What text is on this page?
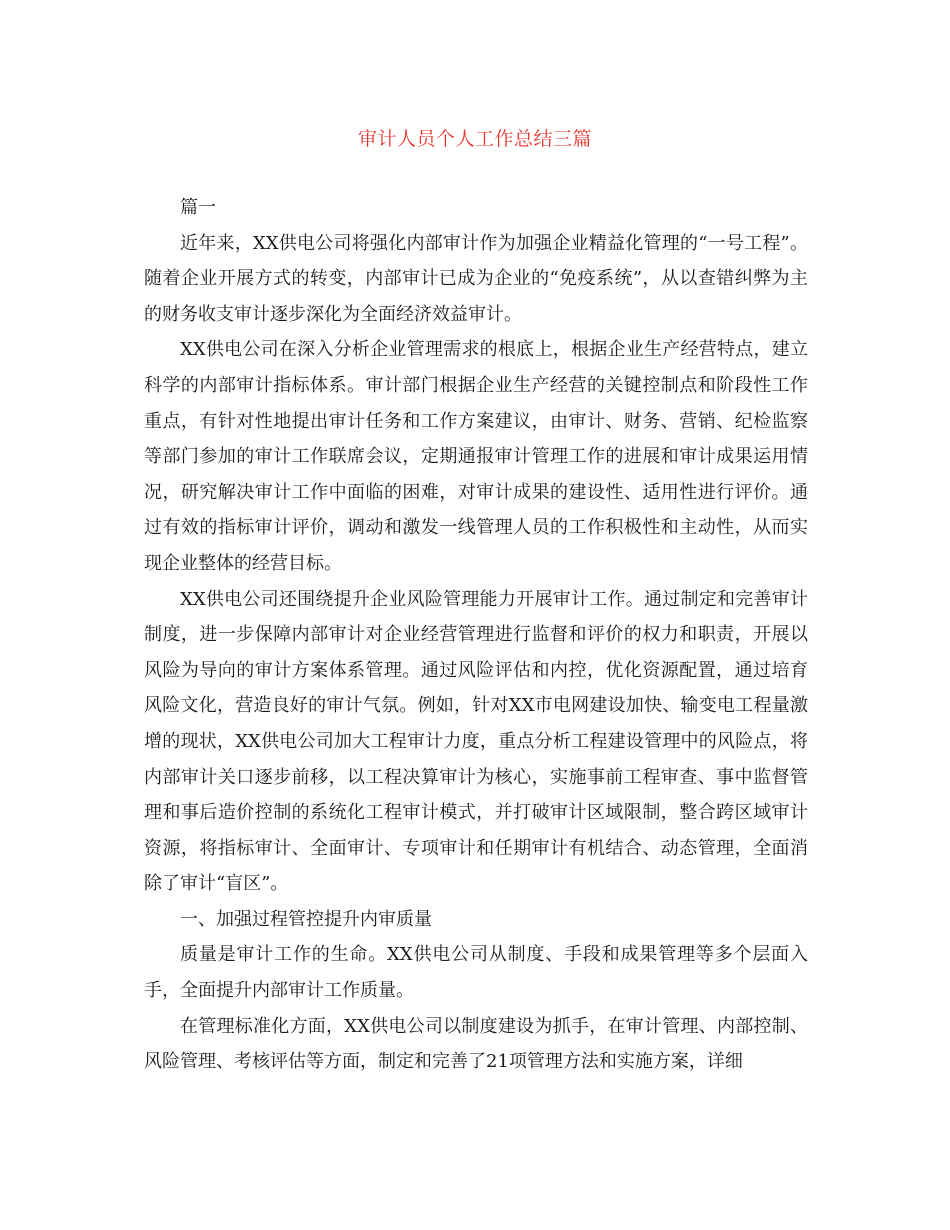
审计人员个人工作总结三篇

篇一

近年来，XX供电公司将强化内部审计作为加强企业精益化管理的“一号工程”。随着企业开展方式的转变，内部审计已成为企业的“免疫系统”，从以查错纠弊为主的财务收支审计逐步深化为全面经济效益审计。

XX供电公司在深入分析企业管理需求的根底上，根据企业生产经营特点，建立科学的内部审计指标体系。审计部门根据企业生产经营的关键控制点和阶段性工作重点，有针对性地提出审计任务和工作方案建议，由审计、财务、营销、纪检监察等部门参加的审计工作联席会议，定期通报审计管理工作的进展和审计成果运用情况，研究解决审计工作中面临的困难，对审计成果的建设性、适用性进行评价。通过有效的指标审计评价，调动和激发一线管理人员的工作积极性和主动性，从而实现企业整体的经营目标。

XX供电公司还围绕提升企业风险管理能力开展审计工作。通过制定和完善审计制度，进一步保障内部审计对企业经营管理进行监督和评价的权力和职责，开展以风险为导向的审计方案体系管理。通过风险评估和内控，优化资源配置，通过培育风险文化，营造良好的审计气氛。例如，针对XX市电网建设加快、输变电工程量激增的现状，XX供电公司加大工程审计力度，重点分析工程建设管理中的风险点，将内部审计关口逐步前移，以工程决算审计为核心，实施事前工程审查、事中监督管理和事后造价控制的系统化工程审计模式，并打破审计区域限制，整合跨区域审计资源，将指标审计、全面审计、专项审计和任期审计有机结合、动态管理，全面消除了审计“盲区”。

一、加强过程管控提升内审质量

质量是审计工作的生命。XX供电公司从制度、手段和成果管理等多个层面入手，全面提升内部审计工作质量。

在管理标准化方面，XX供电公司以制度建设为抓手，在审计管理、内部控制、风险管理、考核评估等方面，制定和完善了21项管理方法和实施方案，详细
